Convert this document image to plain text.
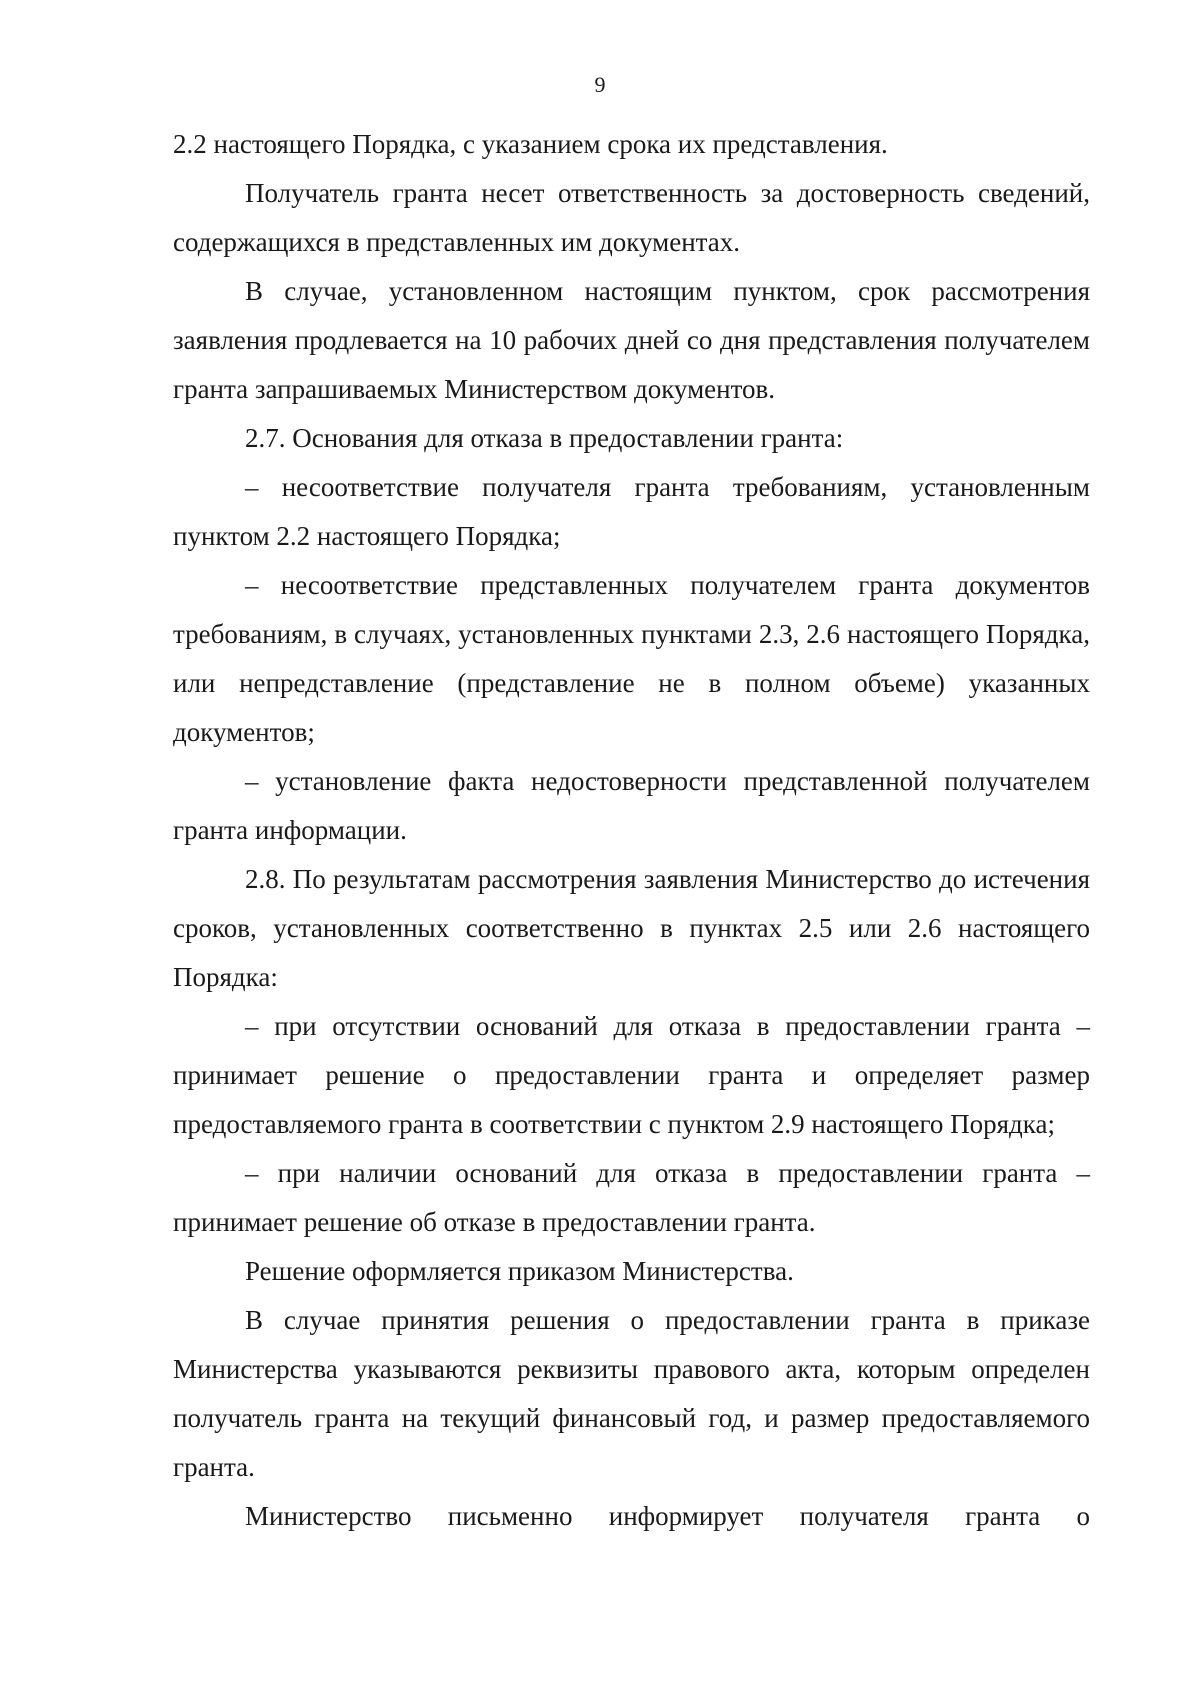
9

2.2 настоящего Порядка, с указанием срока их представления.

Получатель гранта несет ответственность за достоверность сведений, содержащихся в представленных им документах.

В случае, установленном настоящим пунктом, срок рассмотрения заявления продлевается на 10 рабочих дней со дня представления получателем гранта запрашиваемых Министерством документов.

2.7. Основания для отказа в предоставлении гранта:

– несоответствие получателя гранта требованиям, установленным пунктом 2.2 настоящего Порядка;

– несоответствие представленных получателем гранта документов требованиям, в случаях, установленных пунктами 2.3, 2.6 настоящего Порядка, или непредставление (представление не в полном объеме) указанных документов;

– установление факта недостоверности представленной получателем гранта информации.

2.8. По результатам рассмотрения заявления Министерство до истечения сроков, установленных соответственно в пунктах 2.5 или 2.6 настоящего Порядка:

– при отсутствии оснований для отказа в предоставлении гранта – принимает решение о предоставлении гранта и определяет размер предоставляемого гранта в соответствии с пунктом 2.9 настоящего Порядка;

– при наличии оснований для отказа в предоставлении гранта – принимает решение об отказе в предоставлении гранта.

Решение оформляется приказом Министерства.

В случае принятия решения о предоставлении гранта в приказе Министерства указываются реквизиты правового акта, которым определен получатель гранта на текущий финансовый год, и размер предоставляемого гранта.

Министерство письменно информирует получателя гранта о
